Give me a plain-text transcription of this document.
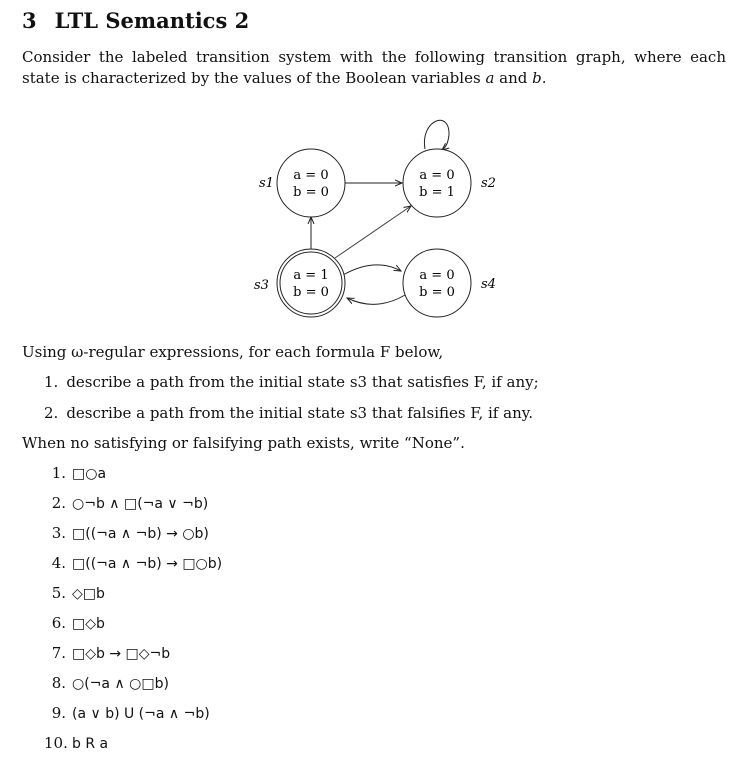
3 LTL Semantics 2
Consider the labeled transition system with the following transition graph, where each state is characterized by the values of the Boolean variables a and b.
a = 0
b = 0
s1
a = 0
b = 1
s2
a = 1
b = 0
s3
a = 0
b = 0
s4
Using ω-regular expressions, for each formula F below,
1. describe a path from the initial state s3 that satisfies F, if any;
2. describe a path from the initial state s3 that falsifies F, if any.
When no satisfying or falsifying path exists, write “None”.
1. □○a
2. ○¬b ∧ □(¬a ∨ ¬b)
3. □((¬a ∧ ¬b) → ○b)
4. □((¬a ∧ ¬b) → □○b)
5. ◇□b
6. □◇b
7. □◇b → □◇¬b
8. ○(¬a ∧ ○□b)
9. (a ∨ b) U (¬a ∧ ¬b)
10. b R a
